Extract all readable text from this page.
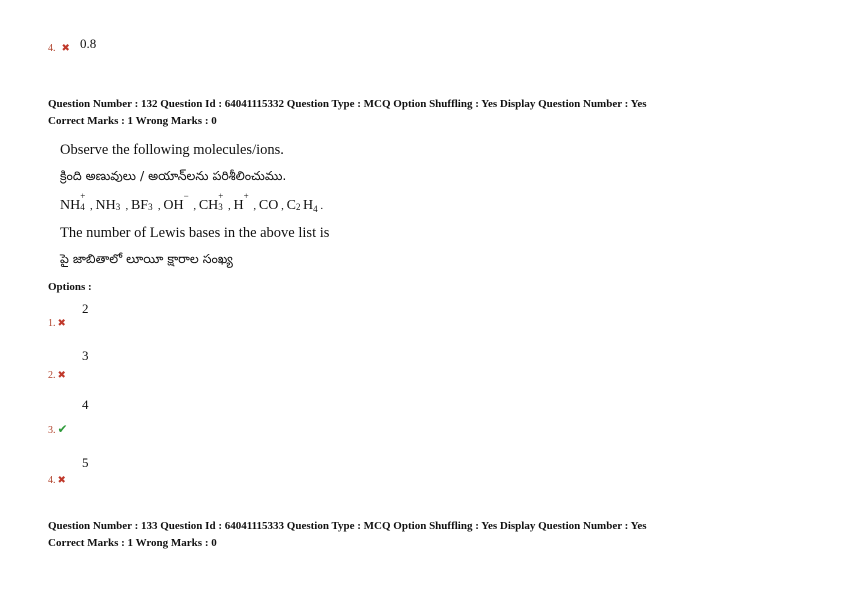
4. ✖ 0.8
Question Number : 132 Question Id : 64041115332 Question Type : MCQ Option Shuffling : Yes Display Question Number : Yes
Correct Marks : 1 Wrong Marks : 0
Observe the following molecules/ions.
క్రింది అణువులు / అయాన్‌లను పరిశీలించుము.
NH
+
4 , NH 3 , BF 3 , OH
−
, CH
+
3 , H
+
, CO , C 2 $H_4$ .
The number of Lewis bases in the above list is
పై జాబితాలో లూయీ క్షారాల సంఖ్య
Options :
1. ✖
2
2. ✖
3
3. ✔
4
4. ✖
5
Question Number : 133 Question Id : 64041115333 Question Type : MCQ Option Shuffling : Yes Display Question Number : Yes
Correct Marks : 1 Wrong Marks : 0
